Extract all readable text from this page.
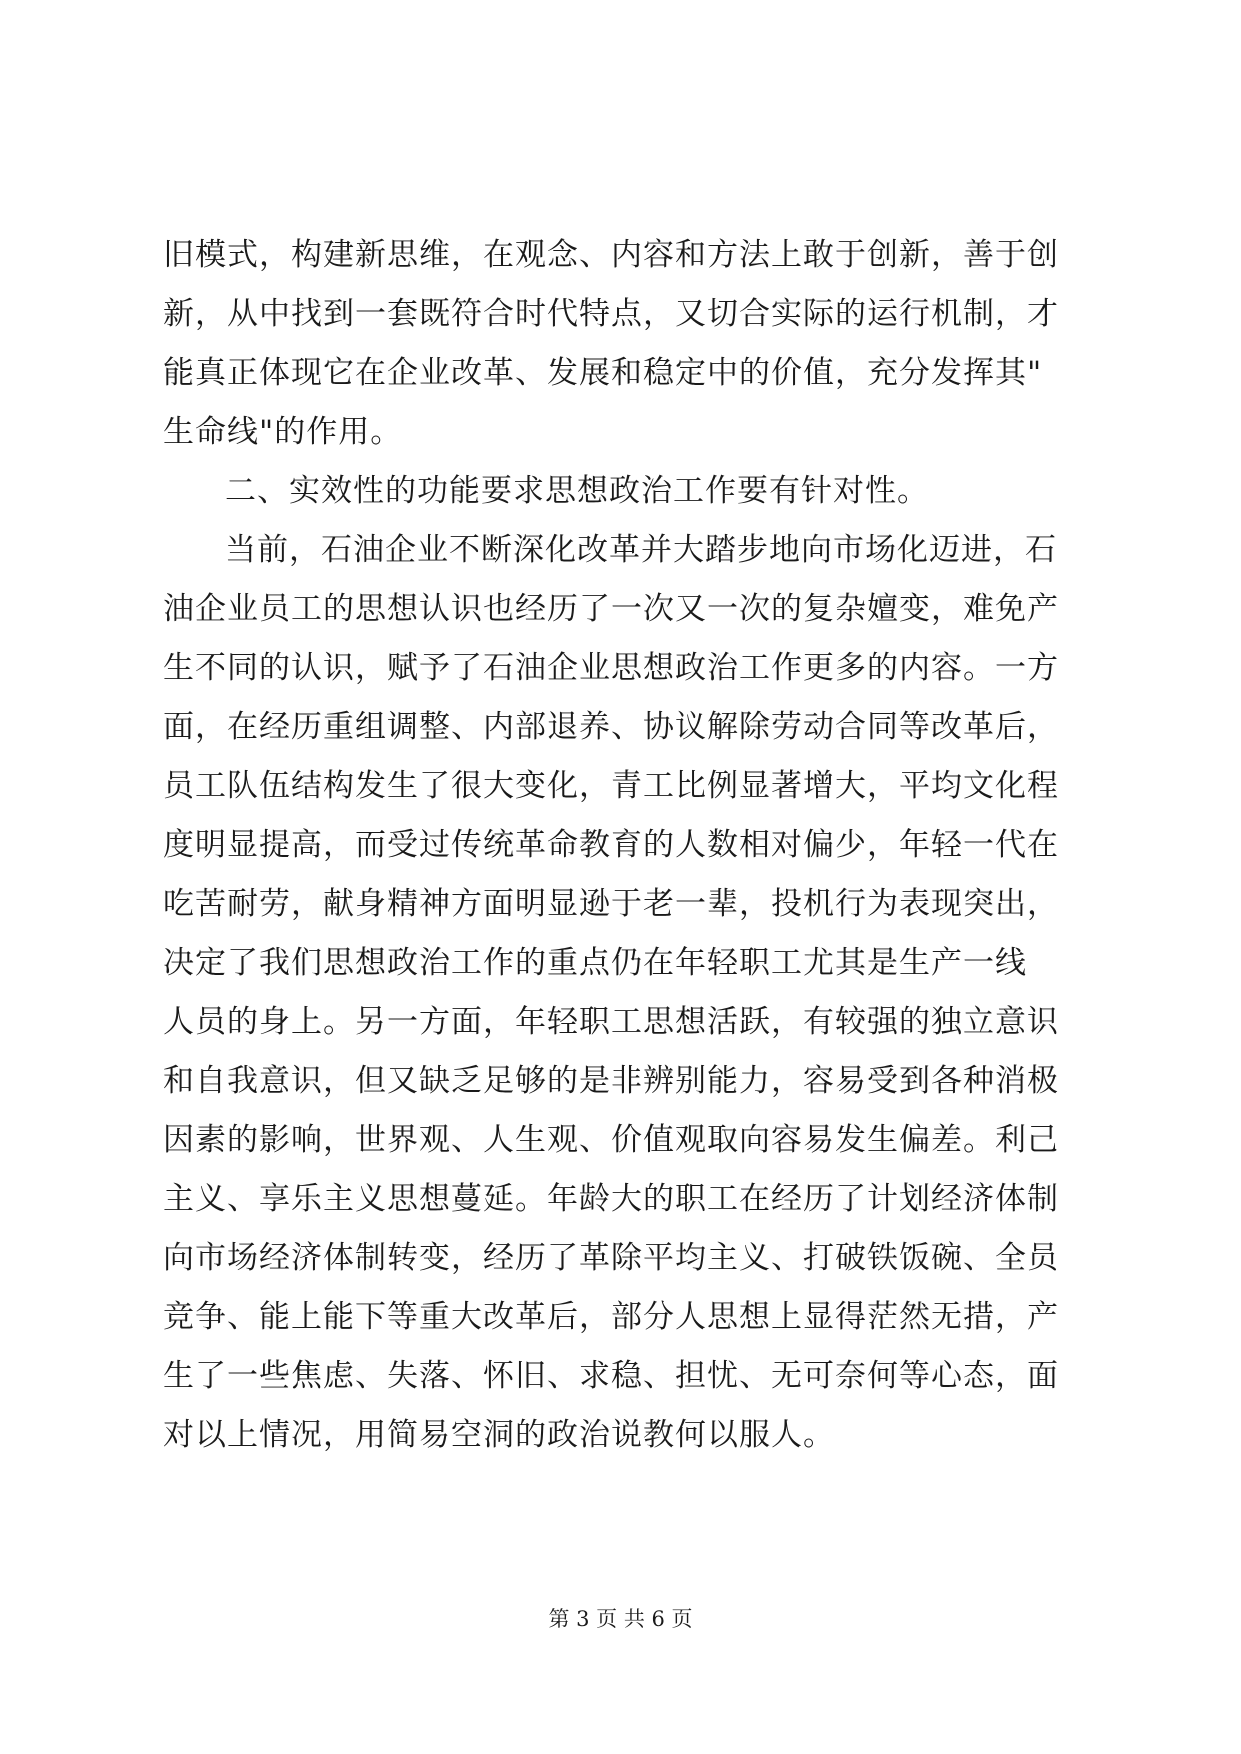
旧模式，构建新思维，在观念、内容和方法上敢于创新，善于创
新，从中找到一套既符合时代特点，又切合实际的运行机制，才
能真正体现它在企业改革、发展和稳定中的价值，充分发挥其"
生命线"的作用。
二、实效性的功能要求思想政治工作要有针对性。
当前，石油企业不断深化改革并大踏步地向市场化迈进，石
油企业员工的思想认识也经历了一次又一次的复杂嬗变，难免产
生不同的认识，赋予了石油企业思想政治工作更多的内容。一方
面，在经历重组调整、内部退养、协议解除劳动合同等改革后，
员工队伍结构发生了很大变化，青工比例显著增大，平均文化程
度明显提高，而受过传统革命教育的人数相对偏少，年轻一代在
吃苦耐劳，献身精神方面明显逊于老一辈，投机行为表现突出，
决定了我们思想政治工作的重点仍在年轻职工尤其是生产一线
人员的身上。另一方面，年轻职工思想活跃，有较强的独立意识
和自我意识，但又缺乏足够的是非辨别能力，容易受到各种消极
因素的影响，世界观、人生观、价值观取向容易发生偏差。利己
主义、享乐主义思想蔓延。年龄大的职工在经历了计划经济体制
向市场经济体制转变，经历了革除平均主义、打破铁饭碗、全员
竞争、能上能下等重大改革后，部分人思想上显得茫然无措，产
生了一些焦虑、失落、怀旧、求稳、担忧、无可奈何等心态，面
对以上情况，用简易空洞的政治说教何以服人。
第 3 页 共 6 页
